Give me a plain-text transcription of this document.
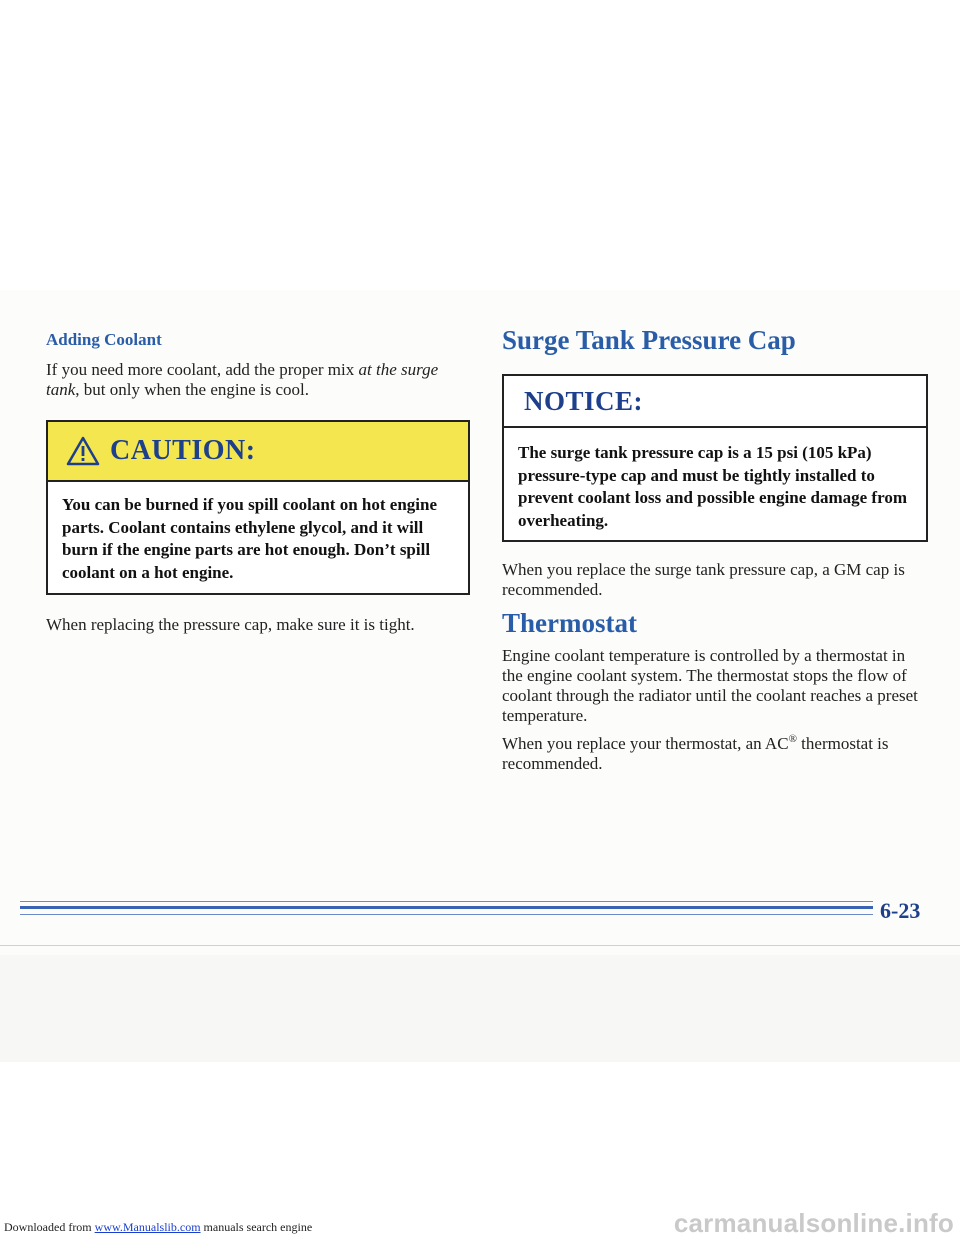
Adding Coolant

If you need more coolant, add the proper mix at the surge tank, but only when the engine is cool.

CAUTION:
You can be burned if you spill coolant on hot engine parts. Coolant contains ethylene glycol, and it will burn if the engine parts are hot enough. Don’t spill coolant on a hot engine.

When replacing the pressure cap, make sure it is tight.

Surge Tank Pressure Cap
NOTICE:
The surge tank pressure cap is a 15 psi (105 kPa) pressure-type cap and must be tightly installed to prevent coolant loss and possible engine damage from overheating.

When you replace the surge tank pressure cap, a GM cap is recommended.

Thermostat

Engine coolant temperature is controlled by a thermostat in the engine coolant system. The thermostat stops the flow of coolant through the radiator until the coolant reaches a preset temperature.

When you replace your thermostat, an AC® thermostat is recommended.

6-23
Downloaded from www.Manualslib.com manuals search engine	carmanualsonline.info
